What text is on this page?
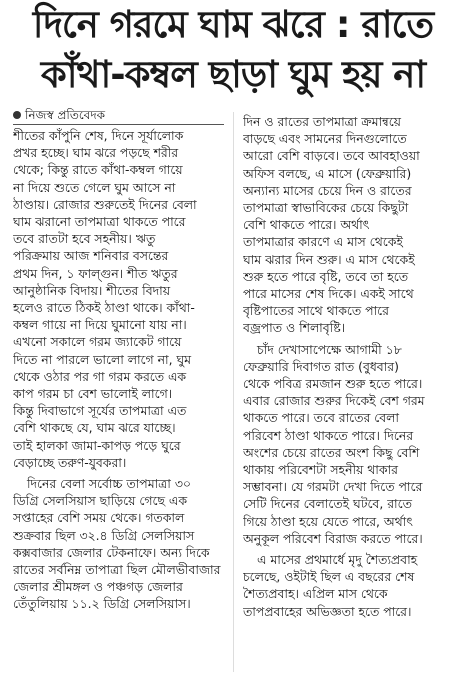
দিনে গরমে ঘাম ঝরে : রাতে
কাঁথা-কম্বল ছাড়া ঘুম হয় না
নিজস্ব প্রতিবেদক

শীতের কাঁপুনি শেষ, দিনে সূর্যালোক
প্রখর হচ্ছে। ঘাম ঝরে পড়ছে শরীর
থেকে; কিন্তু রাতে কাঁথা-কম্বল গায়ে
না দিয়ে শুতে গেলে ঘুম আসে না
ঠাণ্ডায়। রোজার শুরুতেই দিনের বেলা
ঘাম ঝরানো তাপমাত্রা থাকতে পারে
তবে রাতটা হবে সহনীয়। ঋতু
পরিক্রমায় আজ শনিবার বসন্তের
প্রথম দিন, ১ ফাল্গুন। শীত ঋতুর
আনুষ্ঠানিক বিদায়। শীতের বিদায়
হলেও রাতে ঠিকই ঠাণ্ডা থাকে। কাঁথা-
কম্বল গায়ে না দিয়ে ঘুমানো যায় না।
এখনো সকালে গরম জ্যাকেট গায়ে
দিতে না পারলে ভালো লাগে না, ঘুম
থেকে ওঠার পর গা গরম করতে এক
কাপ গরম চা বেশ ভালোই লাগে।
কিন্তু দিবাভাগে সূর্যের তাপমাত্রা এত
বেশি থাকছে যে, ঘাম ঝরে যাচ্ছে।
তাই হালকা জামা-কাপড় পড়ে ঘুরে
বেড়াচ্ছে তরুণ-যুবকরা।

দিনের বেলা সর্বোচ্চ তাপমাত্রা ৩০
ডিগ্রি সেলসিয়াস ছাড়িয়ে গেছে এক
সপ্তাহের বেশি সময় থেকে। গতকাল
শুক্রবার ছিল ৩২.৪ ডিগ্রি সেলসিয়াস
কক্সবাজার জেলার টেকনাফে। অন্য দিকে
রাতের সর্বনিম্ন তাপাত্রা ছিল মৌলভীবাজার
জেলার শ্রীমঙ্গল ও পঞ্চগড় জেলার
তেঁতুলিয়ায় ১১.২ ডিগ্রি সেলসিয়াস।

দিন ও রাতের তাপমাত্রা ক্রমান্বয়ে
বাড়ছে এবং সামনের দিনগুলোতে
আরো বেশি বাড়বে। তবে আবহাওয়া
অফিস বলছে, এ মাসে (ফেব্রুয়ারি)
অন্যান্য মাসের চেয়ে দিন ও রাতের
তাপমাত্রা স্বাভাবিকের চেয়ে কিছুটা
বেশি থাকতে পারে। অর্থাৎ
তাপমাত্রার কারণে এ মাস থেকেই
ঘাম ঝরার দিন শুরু। এ মাস থেকেই
শুরু হতে পারে বৃষ্টি, তবে তা হতে
পারে মাসের শেষ দিকে। একই সাথে
বৃষ্টিপাতের সাথে থাকতে পারে
বজ্রপাত ও শিলাবৃষ্টি।

চাঁদ দেখাসাপেক্ষে আগামী ১৮
ফেব্রুয়ারি দিবাগত রাত (বুধবার)
থেকে পবিত্র রমজান শুরু হতে পারে।
এবার রোজার শুরুর দিকেই বেশ গরম
থাকতে পারে। তবে রাতের বেলা
পরিবেশ ঠাণ্ডা থাকতে পারে। দিনের
অংশের চেয়ে রাতের অংশ কিছু বেশি
থাকায় পরিবেশটা সহনীয় থাকার
সম্ভাবনা। যে গরমটা দেখা দিতে পারে
সেটি দিনের বেলাতেই ঘটবে, রাতে
গিয়ে ঠাণ্ডা হয়ে যেতে পারে, অর্থাৎ
অনুকূল পরিবেশ বিরাজ করতে পারে।

এ মাসের প্রথমার্ধে মৃদু শৈত্যপ্রবাহ
চলেছে, ওইটাই ছিল এ বছরের শেষ
শৈত্যপ্রবাহ। এপ্রিল মাস থেকে
তাপপ্রবাহের অভিজ্ঞতা হতে পারে।
